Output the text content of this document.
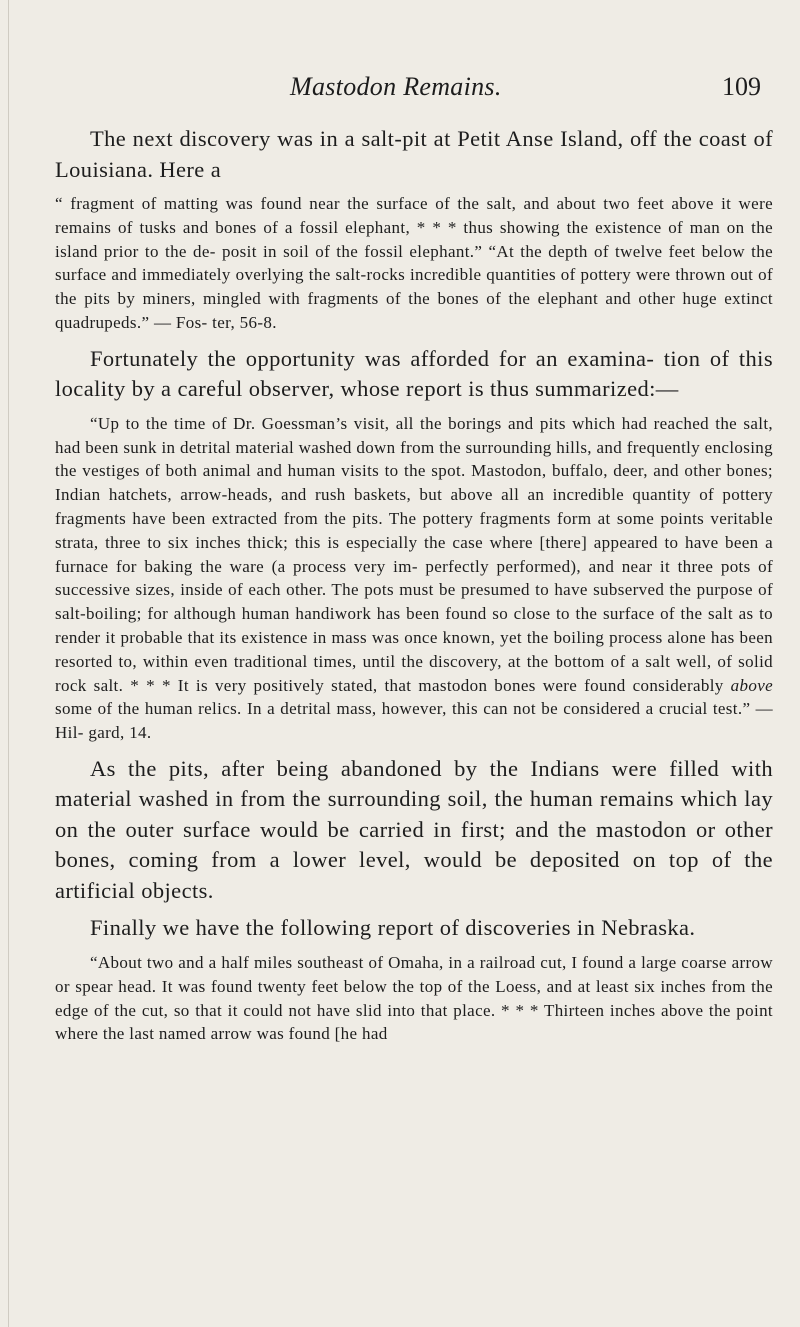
Mastodon Remains.	109

The next discovery was in a salt-pit at Petit Anse Island, off the coast of Louisiana. Here a

“ fragment of matting was found near the surface of the salt, and about two feet above it were remains of tusks and bones of a fossil elephant, * * * thus showing the existence of man on the island prior to the de- posit in soil of the fossil elephant.” “At the depth of twelve feet below the surface and immediately overlying the salt-rocks incredible quantities of pottery were thrown out of the pits by miners, mingled with fragments of the bones of the elephant and other huge extinct quadrupeds.” — Fos- ter, 56-8.

Fortunately the opportunity was afforded for an examina- tion of this locality by a careful observer, whose report is thus summarized:—

“Up to the time of Dr. Goessman’s visit, all the borings and pits which had reached the salt, had been sunk in detrital material washed down from the surrounding hills, and frequently enclosing the vestiges of both animal and human visits to the spot. Mastodon, buffalo, deer, and other bones; Indian hatchets, arrow-heads, and rush baskets, but above all an incredible quantity of pottery fragments have been extracted from the pits. The pottery fragments form at some points veritable strata, three to six inches thick; this is especially the case where [there] appeared to have been a furnace for baking the ware (a process very im- perfectly performed), and near it three pots of successive sizes, inside of each other. The pots must be presumed to have subserved the purpose of salt-boiling; for although human handiwork has been found so close to the surface of the salt as to render it probable that its existence in mass was once known, yet the boiling process alone has been resorted to, within even traditional times, until the discovery, at the bottom of a salt well, of solid rock salt. * * * It is very positively stated, that mastodon bones were found considerably above some of the human relics. In a detrital mass, however, this can not be considered a crucial test.” — Hil- gard, 14.

As the pits, after being abandoned by the Indians were filled with material washed in from the surrounding soil, the human remains which lay on the outer surface would be carried in first; and the mastodon or other bones, coming from a lower level, would be deposited on top of the artificial objects.

Finally we have the following report of discoveries in Nebraska.

“About two and a half miles southeast of Omaha, in a railroad cut, I found a large coarse arrow or spear head. It was found twenty feet below the top of the Loess, and at least six inches from the edge of the cut, so that it could not have slid into that place. * * * Thirteen inches above the point where the last named arrow was found [he had
